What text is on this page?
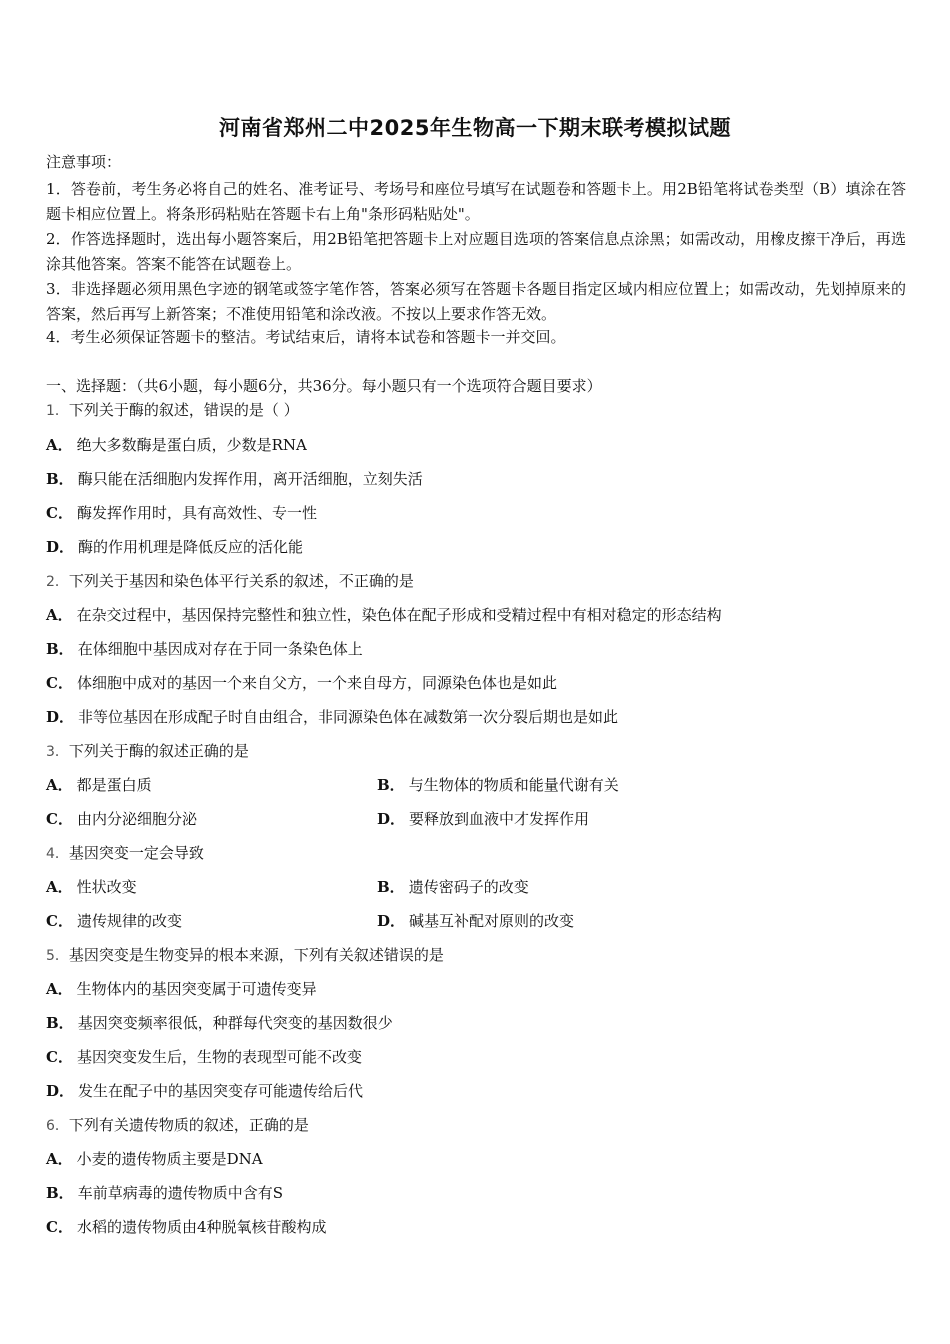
河南省郑州二中2025年生物高一下期末联考模拟试题
注意事项：
1．答卷前，考生务必将自己的姓名、准考证号、考场号和座位号填写在试题卷和答题卡上。用2B铅笔将试卷类型（B）填涂在答题卡相应位置上。将条形码粘贴在答题卡右上角"条形码粘贴处"。
2．作答选择题时，选出每小题答案后，用2B铅笔把答题卡上对应题目选项的答案信息点涂黑；如需改动，用橡皮擦干净后，再选涂其他答案。答案不能答在试题卷上。
3．非选择题必须用黑色字迹的钢笔或签字笔作答，答案必须写在答题卡各题目指定区域内相应位置上；如需改动，先划掉原来的答案，然后再写上新答案；不准使用铅笔和涂改液。不按以上要求作答无效。
4．考生必须保证答题卡的整洁。考试结束后，请将本试卷和答题卡一并交回。
一、选择题：（共6小题，每小题6分，共36分。每小题只有一个选项符合题目要求）
1．下列关于酶的叙述，错误的是（ ）
A． 绝大多数酶是蛋白质，少数是RNA
B． 酶只能在活细胞内发挥作用，离开活细胞，立刻失活
C． 酶发挥作用时，具有高效性、专一性
D． 酶的作用机理是降低反应的活化能
2．下列关于基因和染色体平行关系的叙述，不正确的是
A． 在杂交过程中，基因保持完整性和独立性，染色体在配子形成和受精过程中有相对稳定的形态结构
B． 在体细胞中基因成对存在于同一条染色体上
C． 体细胞中成对的基因一个来自父方，一个来自母方，同源染色体也是如此
D． 非等位基因在形成配子时自由组合，非同源染色体在减数第一次分裂后期也是如此
3．下列关于酶的叙述正确的是
A． 都是蛋白质	B． 与生物体的物质和能量代谢有关
C． 由内分泌细胞分泌	D． 要释放到血液中才发挥作用
4．基因突变一定会导致
A． 性状改变	B． 遗传密码子的改变
C． 遗传规律的改变	D． 碱基互补配对原则的改变
5．基因突变是生物变异的根本来源，下列有关叙述错误的是
A． 生物体内的基因突变属于可遗传变异
B． 基因突变频率很低，种群每代突变的基因数很少
C． 基因突变发生后，生物的表现型可能不改变
D． 发生在配子中的基因突变存可能遗传给后代
6．下列有关遗传物质的叙述，正确的是
A． 小麦的遗传物质主要是DNA
B． 车前草病毒的遗传物质中含有S
C． 水稻的遗传物质由4种脱氧核苷酸构成
